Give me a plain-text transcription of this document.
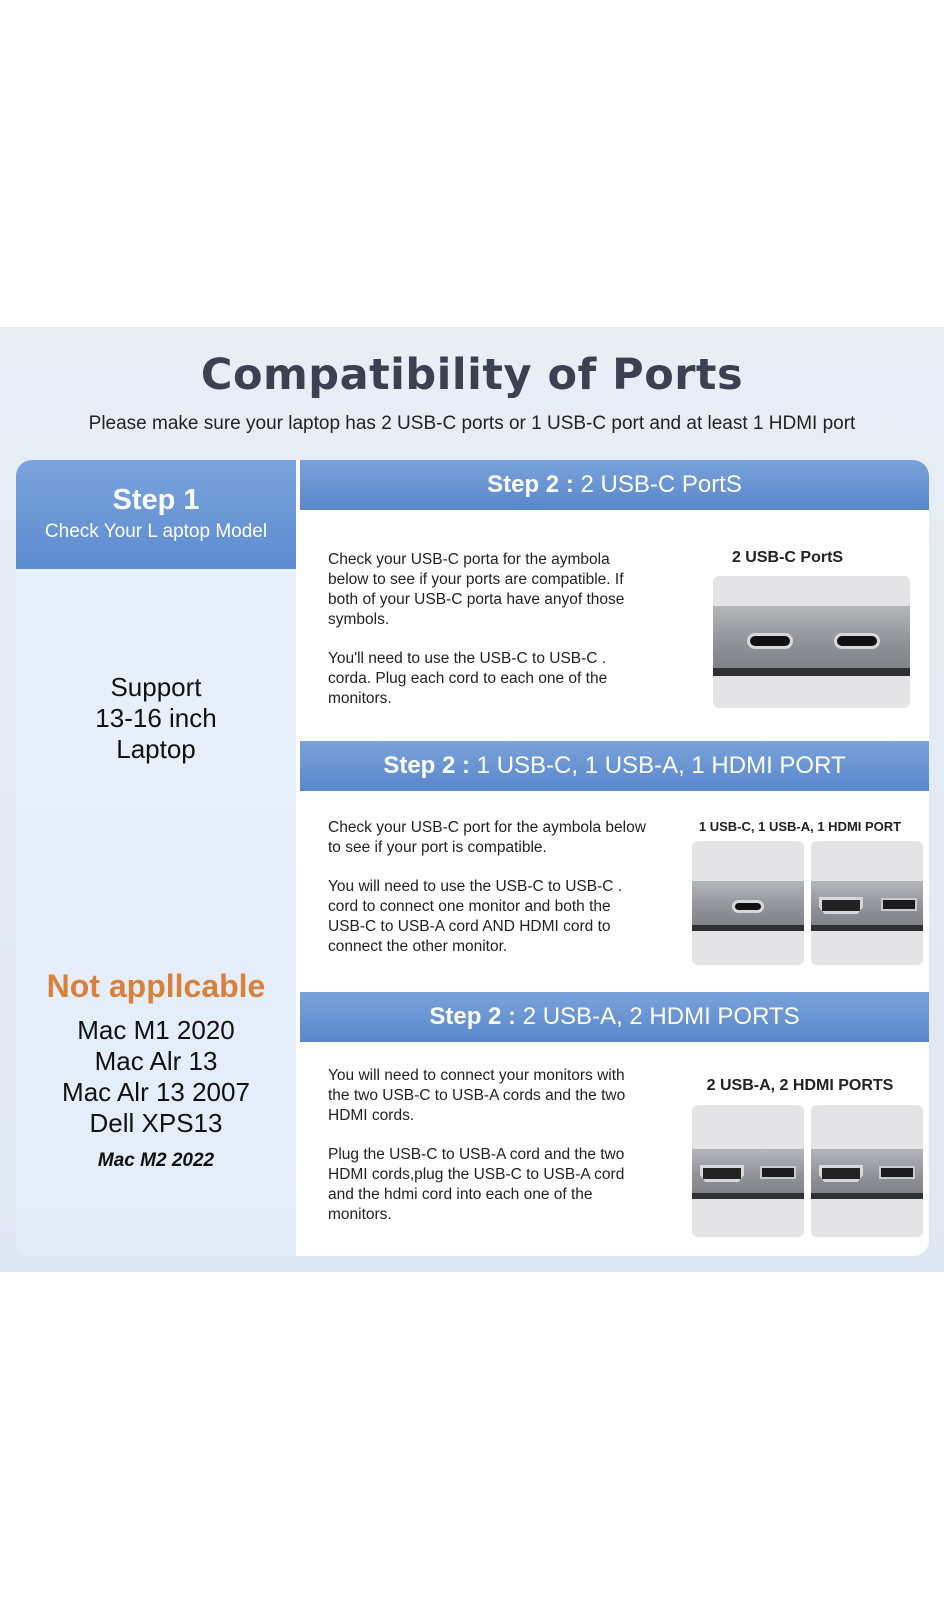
Compatibility of Ports
Please make sure your laptop has 2 USB-C ports or 1 USB-C port and at least 1 HDMI port
Step 1
Check Your L aptop Model
Support
13-16 inch
Laptop
Not appllcable
Mac M1 2020
Mac Alr 13
Mac Alr 13 2007
Dell XPS13
Mac M2 2022
Step 2 : 2 USB-C PortS

Check your USB-C porta for the aymbola below to see if your ports are compatible. If both of your USB-C porta have anyof those symbols.

You'll need to use the USB-C to USB-C . corda. Plug each cord to each one of the monitors.

2 USB-C PortS
Step 2 : 1 USB-C, 1 USB-A, 1 HDMI PORT

Check your USB-C port for the aymbola below to see if your port is compatible.

You will need to use the USB-C to USB-C . cord to connect one monitor and both the USB-C to USB-A cord AND HDMI cord to connect the other monitor.

1 USB-C, 1 USB-A, 1 HDMI PORT
Step 2 : 2 USB-A, 2 HDMI PORTS

You will need to connect your monitors with the two USB-C to USB-A cords and the two HDMI cords.

Plug the USB-C to USB-A cord and the two HDMI cords,plug the USB-C to USB-A cord and the hdmi cord into each one of the monitors.

2 USB-A, 2 HDMI PORTS
